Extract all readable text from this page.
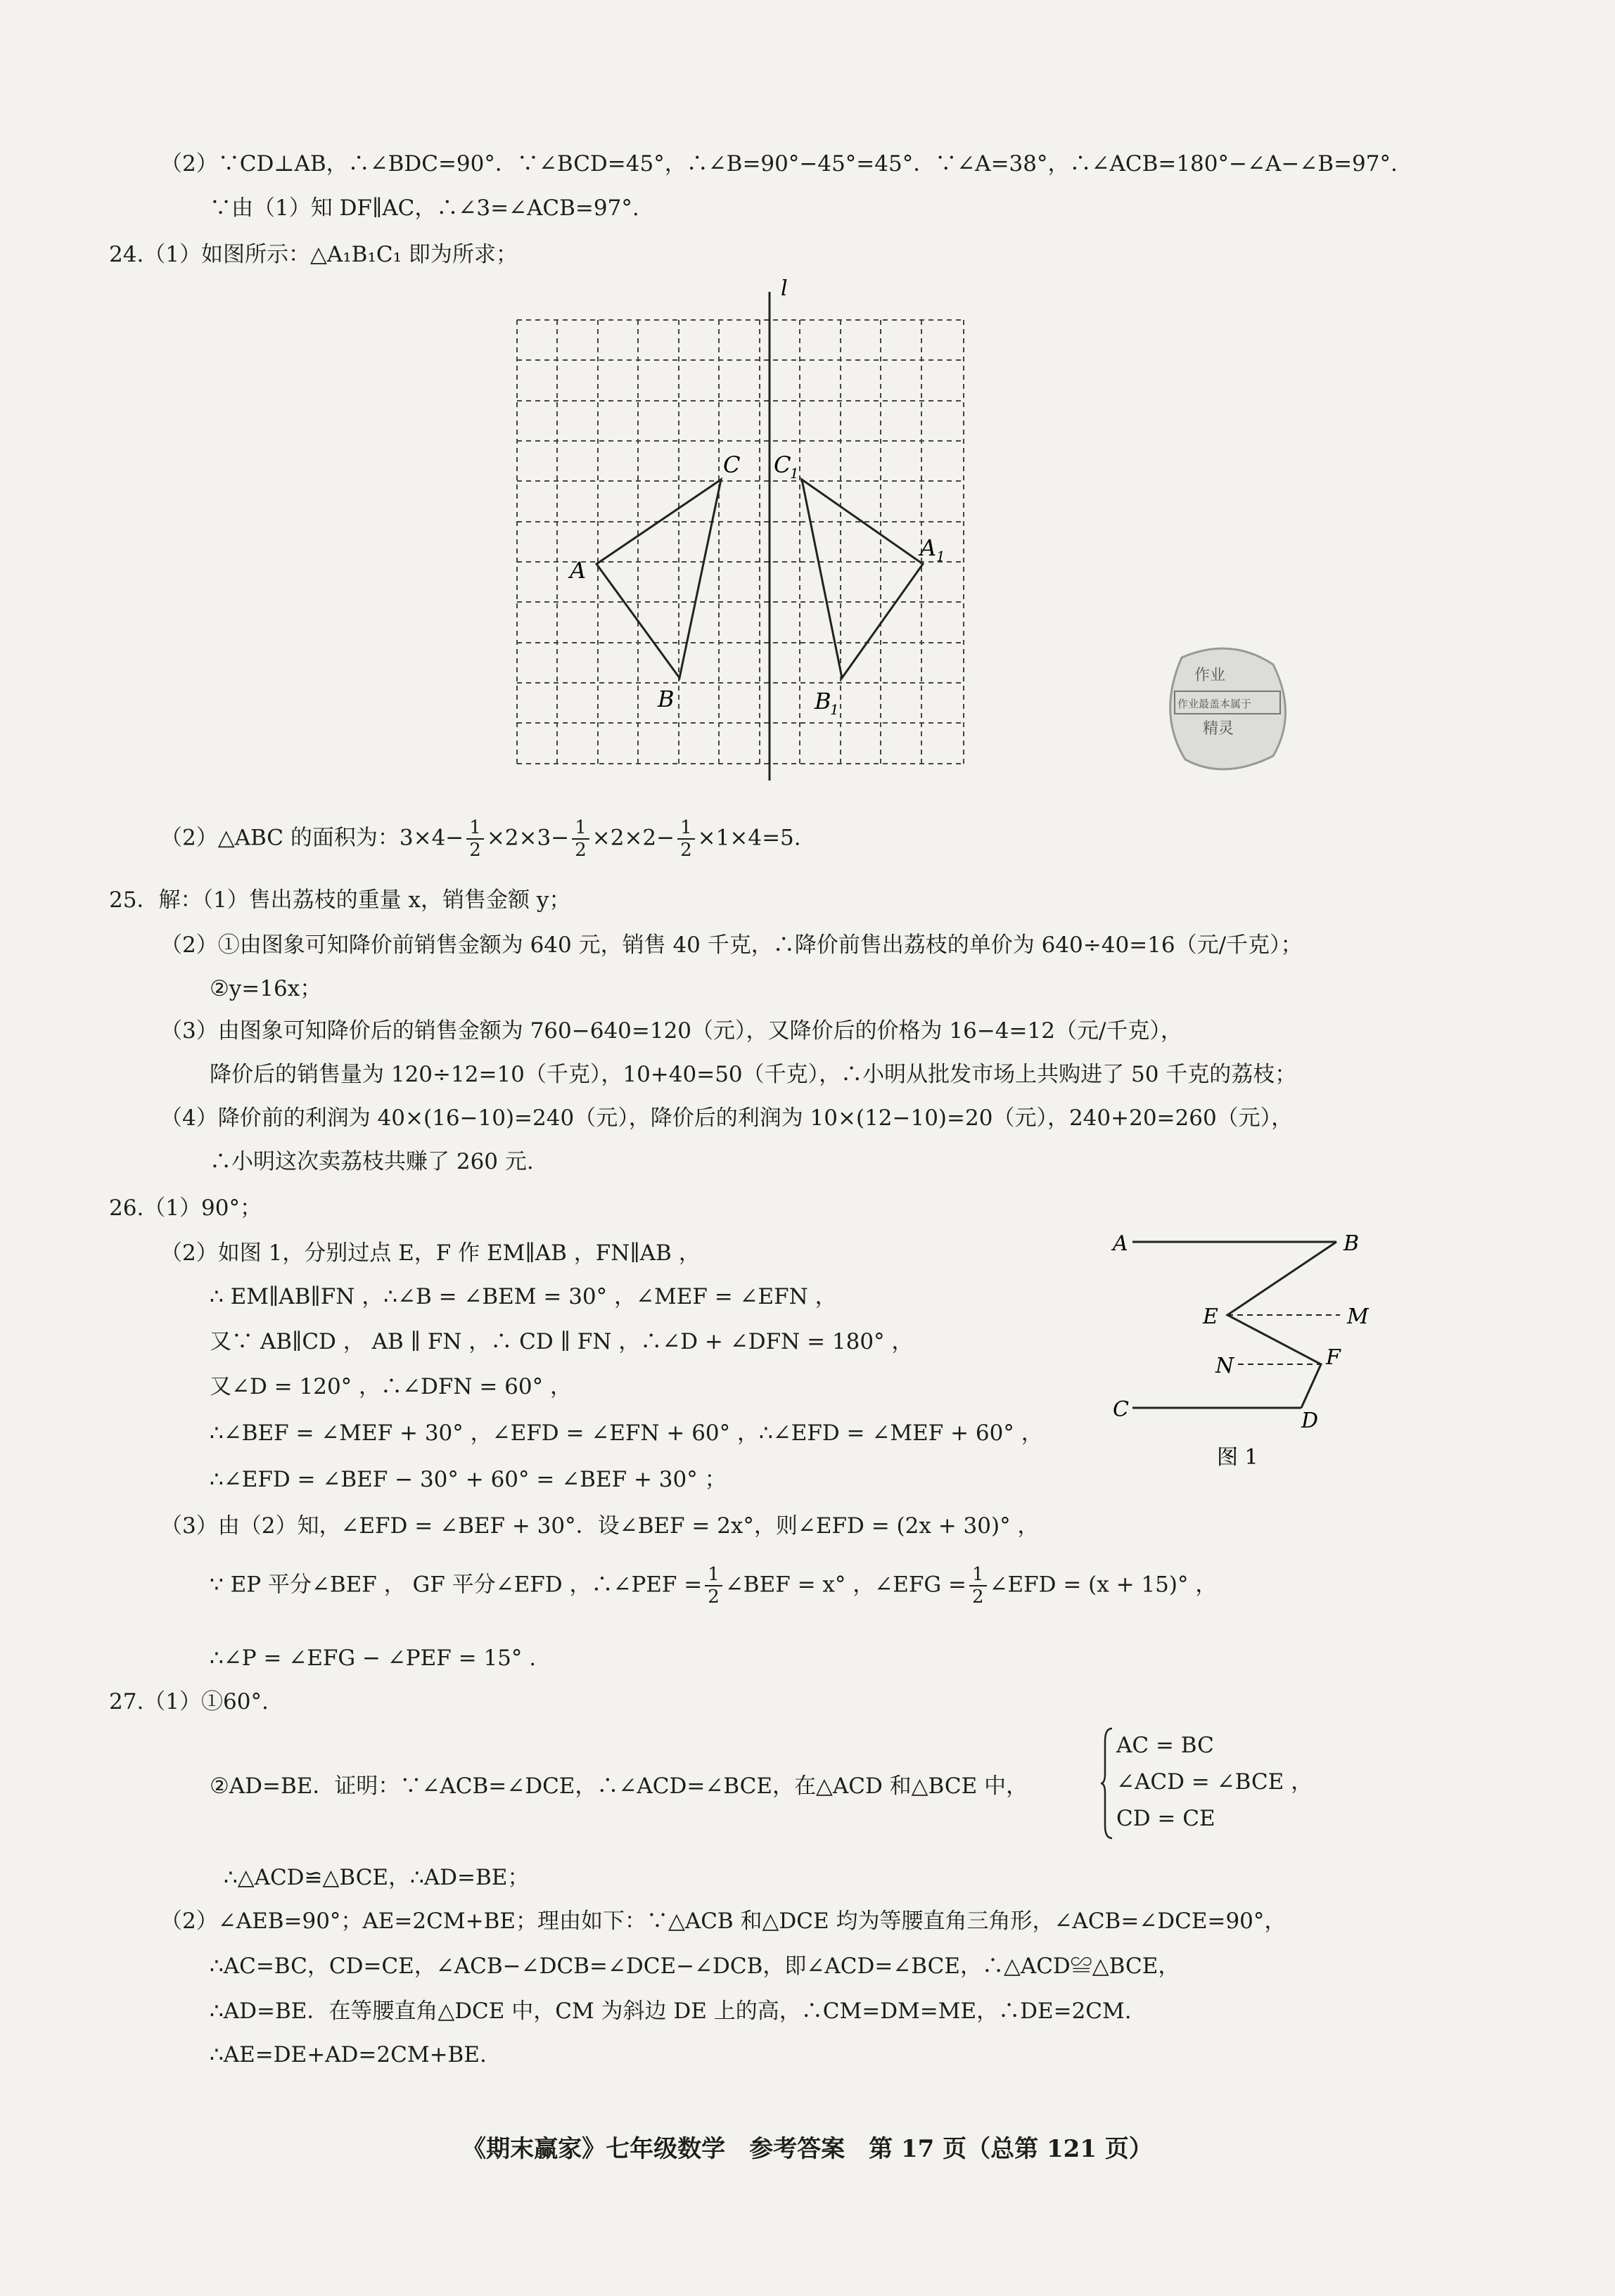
（2）∵CD⊥AB，∴∠BDC=90°．∵∠BCD=45°，∴∠B=90°−45°=45°．∵∠A=38°，∴∠ACB=180°−∠A−∠B=97°.
∵由（1）知 DF∥AC，∴∠3=∠ACB=97°.
24.（1）如图所示：△A₁B₁C₁ 即为所求；
l
A
B
C C
1
A 1
B
1
作业
作业最盖本属于
精灵
（2）△ABC 的面积为：$3\times 4- \frac{1}{2} \times 2\times 3- \frac{1}{2} \times 2\times 2- \frac{1}{2} \times 1\times 4=5$.
25．解：（1）售出荔枝的重量 x，销售金额 y；
（2）①由图象可知降价前销售金额为 640 元，销售 40 千克，∴降价前售出荔枝的单价为 640÷40=16（元/千克）；
②y=16x；
（3）由图象可知降价后的销售金额为 760−640=120（元），又降价后的价格为 16−4=12（元/千克），
降价后的销售量为 120÷12=10（千克），10+40=50（千克），∴小明从批发市场上共购进了 50 千克的荔枝；
（4）降价前的利润为 40×(16−10)=240（元），降价后的利润为 10×(12−10)=20（元），240+20=260（元），
∴小明这次卖荔枝共赚了 260 元.
26.（1）90°；
（2）如图 1，分别过点 E，F 作 EM∥AB ，FN∥AB ，
∴ EM∥AB∥FN ，∴∠B = ∠BEM = 30° ，∠MEF = ∠EFN ，
又∵ AB∥CD ， AB ∥ FN ，∴ CD ∥ FN ，∴∠D + ∠DFN = 180° ，
又∠D = 120° ，∴∠DFN = 60° ，
∴∠BEF = ∠MEF + 30° ，∠EFD = ∠EFN + 60° ，∴∠EFD = ∠MEF + 60° ，
∴∠EFD = ∠BEF − 30° + 60° = ∠BEF + 30° ；
（3）由（2）知，∠EFD = ∠BEF + 30°．设∠BEF = 2x°，则∠EFD = (2x + 30)° ，
∵ EP 平分∠BEF ， GF 平分∠EFD ，∴∠PEF = $\frac{1}{2}$ ∠BEF = x° ，∠EFG = $\frac{1}{2}$ ∠EFD = (x + 15)° ，
∴∠P = ∠EFG − ∠PEF = 15° .
A	B
E	M
N	F
C	D
图 1
27.（1）①60°.
②AD=BE．证明：∵∠ACB=∠DCE，∴∠ACD=∠BCE，在△ACD 和△BCE 中，
AC = BC
∠ACD = ∠BCE ，
CD = CE
∴△ACD≌△BCE，∴AD=BE；
（2）∠AEB=90°；AE=2CM+BE；理由如下：∵△ACB 和△DCE 均为等腰直角三角形，∠ACB=∠DCE=90°，
∴AC=BC，CD=CE，∠ACB−∠DCB=∠DCE−∠DCB，即∠ACD=∠BCE，∴△ACD≌△BCE，
∴AD=BE．在等腰直角△DCE 中，CM 为斜边 DE 上的高，∴CM=DM=ME，∴DE=2CM.
∴AE=DE+AD=2CM+BE.
《期末赢家》七年级数学　参考答案　第 17 页（总第 121 页）
